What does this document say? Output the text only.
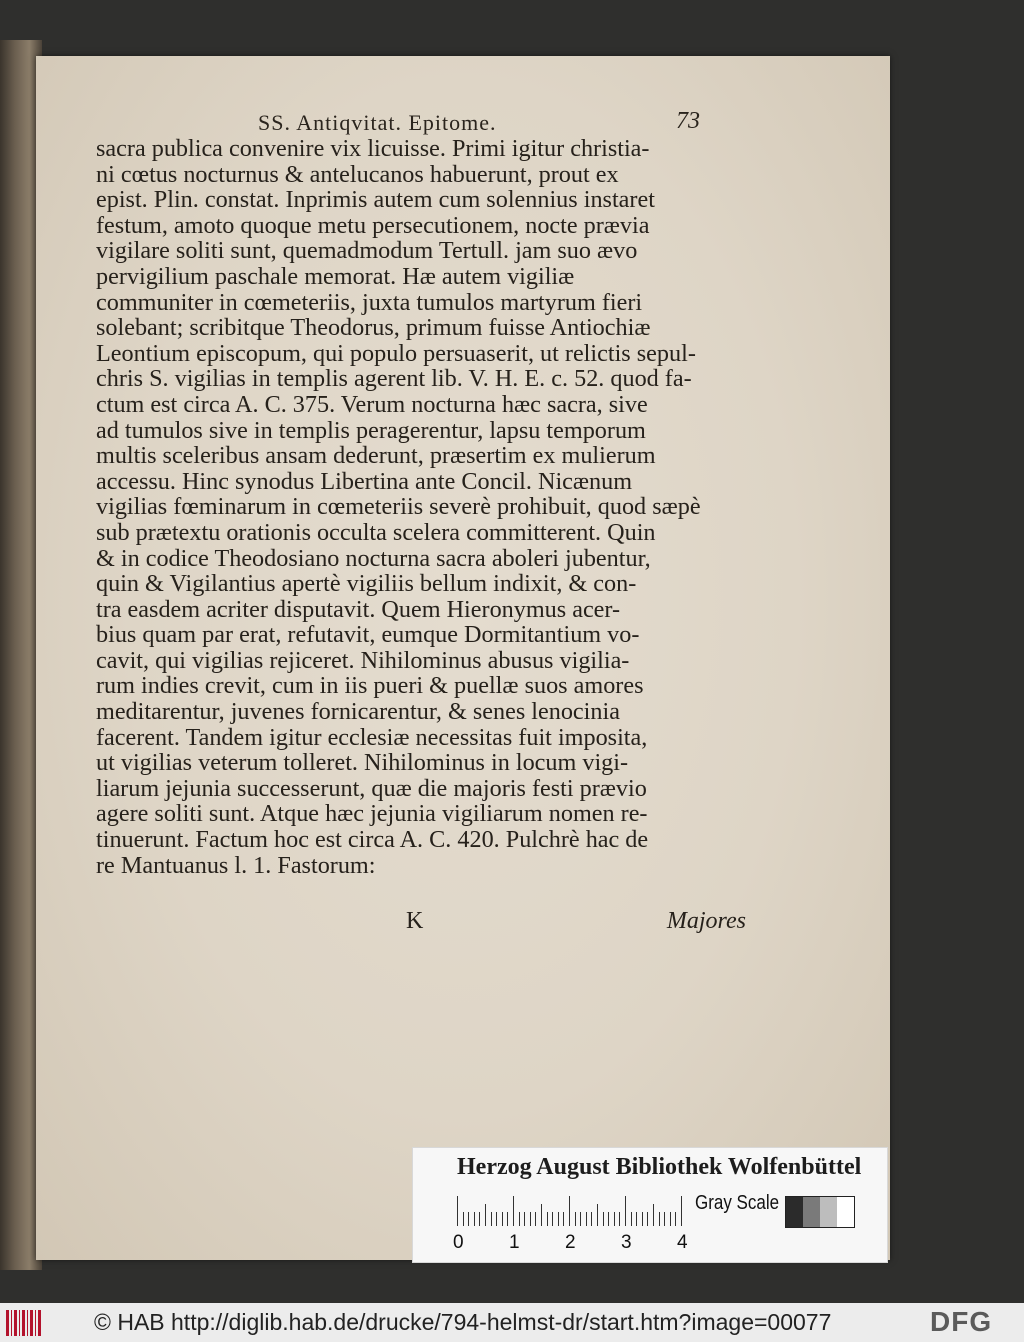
SS. Antiqvitat. Epitome.	73
sacra publica convenire vix licuisse. Primi igitur christia-
ni cœtus nocturnus & antelucanos habuerunt, prout ex
epist. Plin. constat. Inprimis autem cum solennius instaret
festum, amoto quoque metu persecutionem, nocte prævia
vigilare soliti sunt, quemadmodum Tertull. jam suo ævo
pervigilium paschale memorat. Hæ autem vigiliæ
communiter in cœmeteriis, juxta tumulos martyrum fieri
solebant; scribitque Theodorus, primum fuisse Antiochiæ
Leontium episcopum, qui populo persuaserit, ut relictis sepul-
chris S. vigilias in templis agerent lib. V. H. E. c. 52. quod fa-
ctum est circa A. C. 375. Verum nocturna hæc sacra, sive
ad tumulos sive in templis peragerentur, lapsu temporum
multis sceleribus ansam dederunt, præsertim ex mulierum
accessu. Hinc synodus Libertina ante Concil. Nicænum
vigilias fœminarum in cœmeteriis severè prohibuit, quod sæpè
sub prætextu orationis occulta scelera committerent. Quin
& in codice Theodosiano nocturna sacra aboleri jubentur,
quin & Vigilantius apertè vigiliis bellum indixit, & con-
tra easdem acriter disputavit. Quem Hieronymus acer-
bius quam par erat, refutavit, eumque Dormitantium vo-
cavit, qui vigilias rejiceret. Nihilominus abusus vigilia-
rum indies crevit, cum in iis pueri & puellæ suos amores
meditarentur, juvenes fornicarentur, & senes lenocinia
facerent. Tandem igitur ecclesiæ necessitas fuit imposita,
ut vigilias veterum tolleret. Nihilominus in locum vigi-
liarum jejunia successerunt, quæ die majoris festi prævio
agere soliti sunt. Atque hæc jejunia vigiliarum nomen re-
tinuerunt. Factum hoc est circa A. C. 420. Pulchrè hac de
re Mantuanus l. 1. Fastorum:
K	Majores
Herzog August Bibliothek Wolfenbüttel
0 1 2 3 4
Gray Scale
© HAB http://diglib.hab.de/drucke/794-helmst-dr/start.htm?image=00077	DFG
